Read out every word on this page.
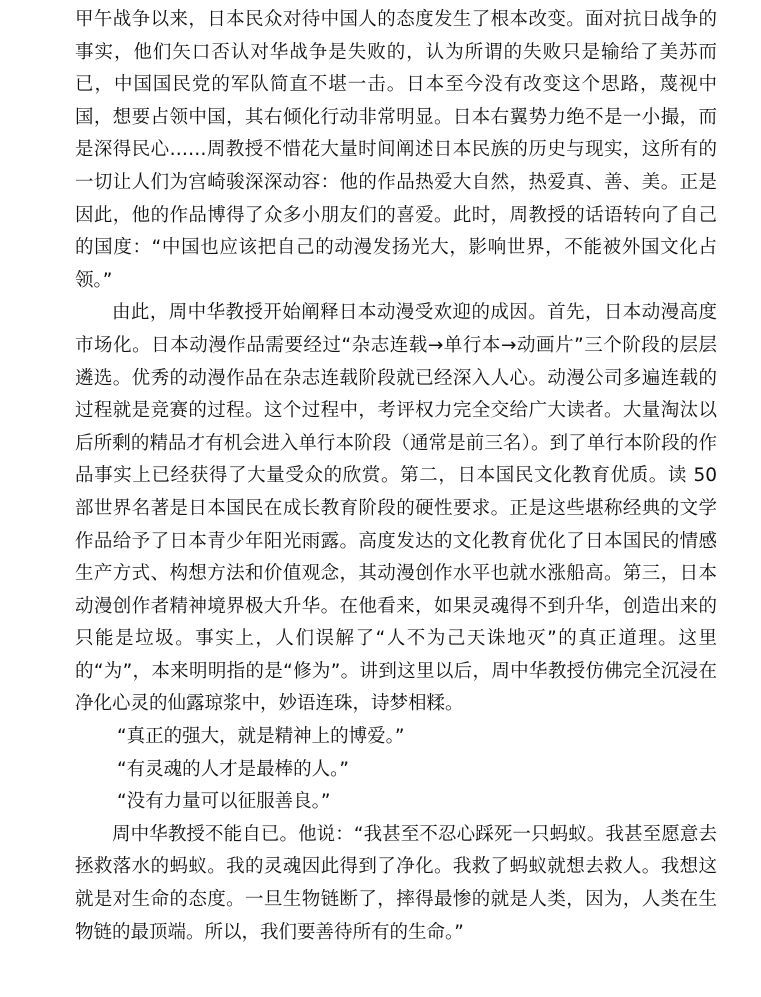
甲午战争以来，日本民众对待中国人的态度发生了根本改变。面对抗日战争的事实，他们矢口否认对华战争是失败的，认为所谓的失败只是输给了美苏而已，中国国民党的军队简直不堪一击。日本至今没有改变这个思路，蔑视中国，想要占领中国，其右倾化行动非常明显。日本右翼势力绝不是一小撮，而是深得民心……周教授不惜花大量时间阐述日本民族的历史与现实，这所有的一切让人们为宫崎骏深深动容：他的作品热爱大自然，热爱真、善、美。正是因此，他的作品博得了众多小朋友们的喜爱。此时，周教授的话语转向了自己的国度：“中国也应该把自己的动漫发扬光大，影响世界，不能被外国文化占领。”

由此，周中华教授开始阐释日本动漫受欢迎的成因。首先，日本动漫高度市场化。日本动漫作品需要经过“杂志连载→单行本→动画片”三个阶段的层层遴选。优秀的动漫作品在杂志连载阶段就已经深入人心。动漫公司多遍连载的过程就是竞赛的过程。这个过程中，考评权力完全交给广大读者。大量淘汰以后所剩的精品才有机会进入单行本阶段（通常是前三名）。到了单行本阶段的作品事实上已经获得了大量受众的欣赏。第二，日本国民文化教育优质。读 50 部世界名著是日本国民在成长教育阶段的硬性要求。正是这些堪称经典的文学作品给予了日本青少年阳光雨露。高度发达的文化教育优化了日本国民的情感生产方式、构想方法和价值观念，其动漫创作水平也就水涨船高。第三，日本动漫创作者精神境界极大升华。在他看来，如果灵魂得不到升华，创造出来的只能是垃圾。事实上，人们误解了“人不为己天诛地灭”的真正道理。这里的“为”，本来明明指的是“修为”。讲到这里以后，周中华教授仿佛完全沉浸在净化心灵的仙露琼浆中，妙语连珠，诗梦相糅。

“真正的强大，就是精神上的博爱。”

“有灵魂的人才是最棒的人。”

“没有力量可以征服善良。”

周中华教授不能自已。他说：“我甚至不忍心踩死一只蚂蚁。我甚至愿意去拯救落水的蚂蚁。我的灵魂因此得到了净化。我救了蚂蚁就想去救人。我想这就是对生命的态度。一旦生物链断了，摔得最惨的就是人类，因为，人类在生物链的最顶端。所以，我们要善待所有的生命。”
